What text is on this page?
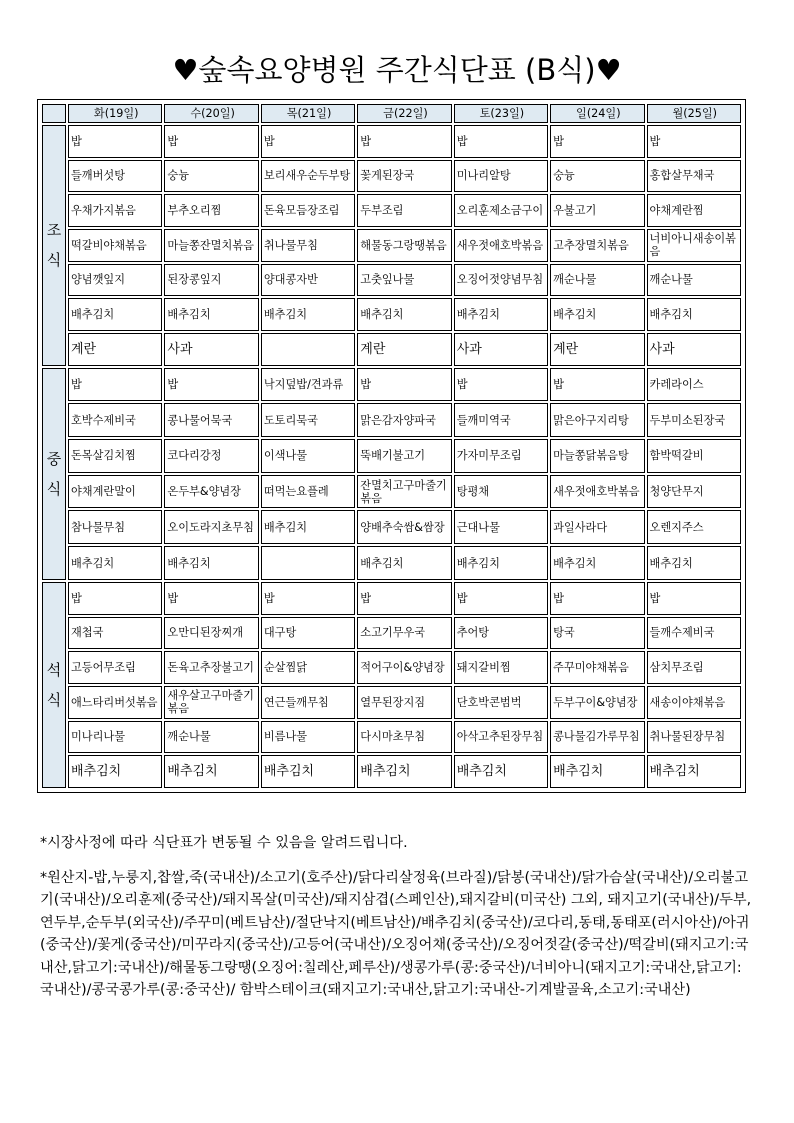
♥숲속요양병원 주간식단표 (B식)♥
	화(19일)	수(20일)	목(21일)	금(22일)	토(23일)	일(24일)	월(25일)
조
식	밥	밥	밥	밥	밥	밥	밥
	들깨버섯탕	숭늉	보리새우순두부탕	꽃게된장국	미나리알탕	숭늉	홍합살무채국
	우채가지볶음	부추오리찜	돈육모듬장조림	두부조림	오리훈제소금구이	우불고기	야채계란찜
	떡갈비야채볶음	마늘쫑잔멸치볶음	취나물무침	해물동그랑땡볶음	새우젓애호박볶음	고추장멸치볶음	너비아니새송이볶음
	양념깻잎지	된장콩잎지	양대콩자반	고춧잎나물	오징어젓양념무침	깨순나물	깨순나물
	배추김치	배추김치	배추김치	배추김치	배추김치	배추김치	배추김치
	계란	사과		계란	사과	계란	사과
중
식	밥	밥	낙지덮밥/견과류	밥	밥	밥	카레라이스
	호박수제비국	콩나물어묵국	도토리묵국	맑은감자양파국	들깨미역국	맑은아구지리탕	두부미소된장국
	돈목살김치찜	코다리강정	이색나물	뚝배기불고기	가자미무조림	마늘쫑닭볶음탕	함박떡갈비
	야채계란말이	온두부&양념장	떠먹는요플레	잔멸치고구마줄기볶음	탕평채	새우젓애호박볶음	청양단무지
	참나물무침	오이도라지초무침	배추김치	양배추숙쌈&쌈장	근대나물	과일사라다	오렌지주스
	배추김치	배추김치		배추김치	배추김치	배추김치	배추김치
석
식	밥	밥	밥	밥	밥	밥	밥
	재첩국	오만디된장찌개	대구탕	소고기무우국	추어탕	탕국	들깨수제비국
	고등어무조림	돈육고추장불고기	순살찜닭	적어구이&양념장	돼지갈비찜	주꾸미야채볶음	삼치무조림
	애느타리버섯볶음	새우살고구마줄기볶음	연근들깨무침	열무된장지짐	단호박콘범벅	두부구이&양념장	새송이야채볶음
	미나리나물	깨순나물	비름나물	다시마초무침	아삭고추된장무침	콩나물김가루무침	취나물된장무침
	배추김치	배추김치	배추김치	배추김치	배추김치	배추김치	배추김치

*시장사정에 따라 식단표가 변동될 수 있음을 알려드립니다.

*원산지-밥,누룽지,찹쌀,죽(국내산)/소고기(호주산)/닭다리살정육(브라질)/닭봉(국내산)/닭가슴살(국내산)/오리불고기(국내산)/오리훈제(중국산)/돼지목살(미국산)/돼지삼겹(스페인산),돼지갈비(미국산) 그외, 돼지고기(국내산)/두부,연두부,순두부(외국산)/주꾸미(베트남산)/절단낙지(베트남산)/배추김치(중국산)/코다리,동태,동태포(러시아산)/아귀(중국산)/꽃게(중국산)/미꾸라지(중국산)/고등어(국내산)/오징어채(중국산)/오징어젓갈(중국산)/떡갈비(돼지고기:국내산,닭고기:국내산)/해물동그랑땡(오징어:칠레산,페루산)/생콩가루(콩:중국산)/너비아니(돼지고기:국내산,닭고기:국내산)/콩국콩가루(콩:중국산)/ 함박스테이크(돼지고기:국내산,닭고기:국내산-기계발골육,소고기:국내산)
